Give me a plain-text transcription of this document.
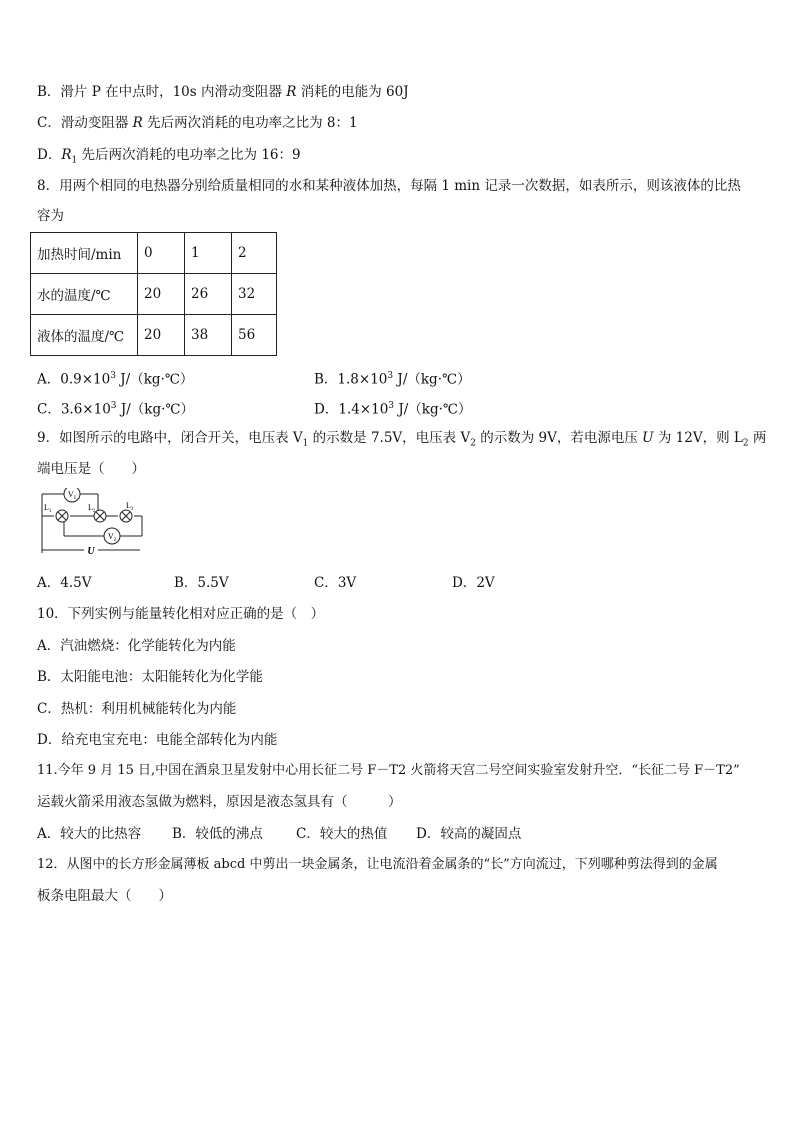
B．滑片 P 在中点时，10s 内滑动变阻器 R 消耗的电能为 60J
C．滑动变阻器 R 先后两次消耗的电功率之比为 8：1
D．$R_1$ 先后两次消耗的电功率之比为 16：9
8．用两个相同的电热器分别给质量相同的水和某种液体加热，每隔 1 min 记录一次数据，如表所示，则该液体的比热
容为
加热时间/min	0	1	2
水的温度/℃	20	26	32
液体的温度/℃	20	38	56
A．$0.9\times 10^3$ J/（kg·℃）	B．$1.8\times 10^3$ J/（kg·℃）
C．$3.6\times 10^3$ J/（kg·℃）	D．$1.4\times 10^3$ J/（kg·℃）
9．如图所示的电路中，闭合开关，电压表 $V_1$ 的示数是 7.5V，电压表 $V_2$ 的示数为 9V，若电源电压 U 为 12V，则 $L_2$ 两
端电压是（　　）
$V_1$
$L_1$	$L_2$
$L_3$
$V_2$
U
A．4.5V	B．5.5V	C．3V	D．2V
10．下列实例与能量转化相对应正确的是（　）
A．汽油燃烧：化学能转化为内能
B．太阳能电池：太阳能转化为化学能
C．热机：利用机械能转化为内能
D．给充电宝充电：电能全部转化为内能
11.今年 9 月 15 日,中国在酒泉卫星发射中心用长征二号 F－T2 火箭将天宫二号空间实验室发射升空．“长征二号 F－T2”
运载火箭采用液态氢做为燃料，原因是液态氢具有（　　　）
A．较大的比热容 B．较低的沸点 C．较大的热值 D．较高的凝固点
12．从图中的长方形金属薄板 abcd 中剪出一块金属条，让电流沿着金属条的“长”方向流过，下列哪种剪法得到的金属
板条电阻最大（　　）
